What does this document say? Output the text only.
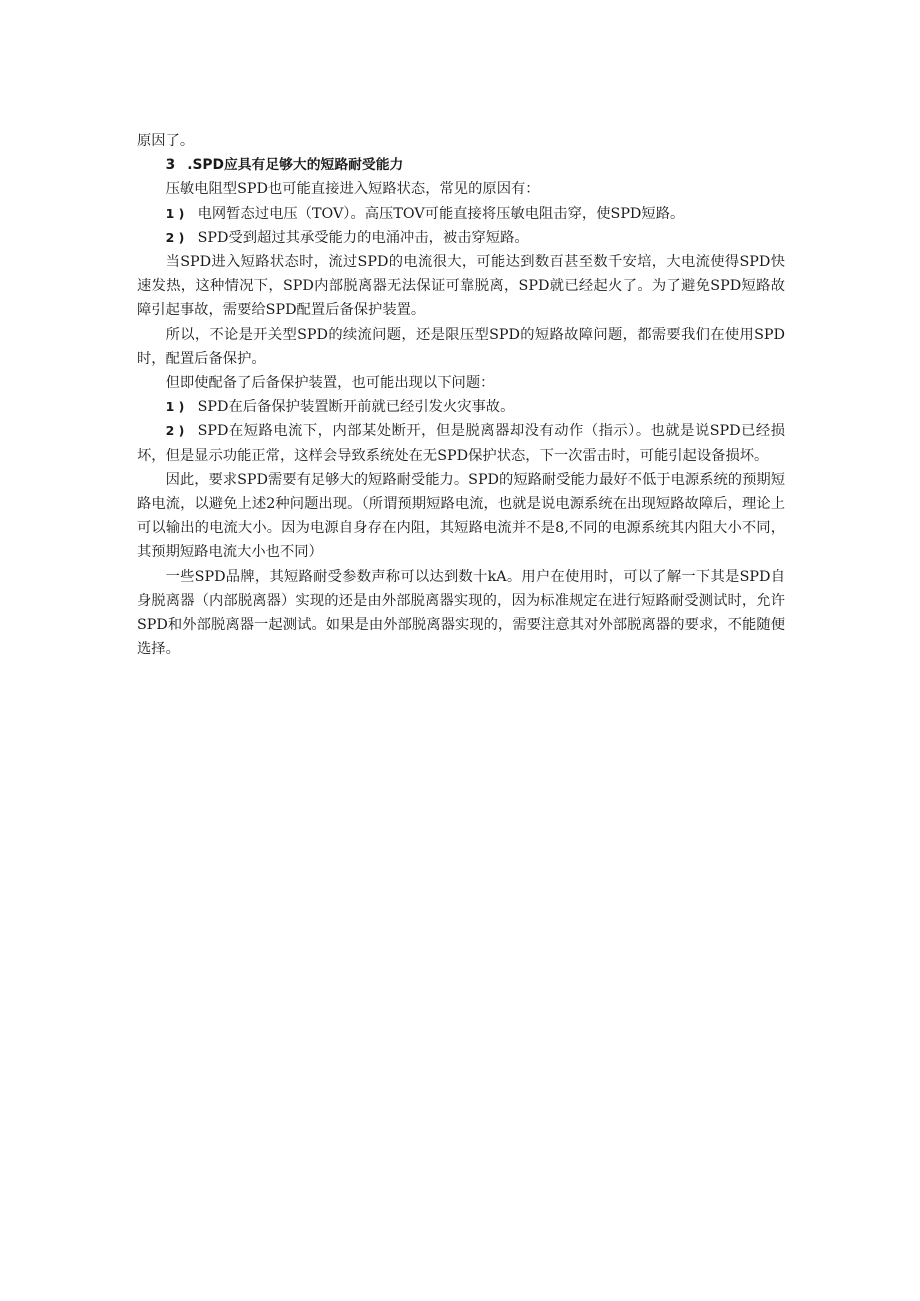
原因了。
3 .SPD应具有足够大的短路耐受能力

压敏电阻型SPD也可能直接进入短路状态，常见的原因有：

1 ) 电网暂态过电压（TOV）。高压TOV可能直接将压敏电阻击穿，使SPD短路。
2 ) SPD受到超过其承受能力的电涌冲击，被击穿短路。

当SPD进入短路状态时，流过SPD的电流很大，可能达到数百甚至数千安培，大电流使得SPD快速发热，这种情况下，SPD内部脱离器无法保证可靠脱离，SPD就已经起火了。为了避免SPD短路故障引起事故，需要给SPD配置后备保护装置。

所以，不论是开关型SPD的续流问题，还是限压型SPD的短路故障问题，都需要我们在使用SPD时，配置后备保护。

但即使配备了后备保护装置，也可能出现以下问题：

1 ) SPD在后备保护装置断开前就已经引发火灾事故。

2 ) SPD在短路电流下，内部某处断开，但是脱离器却没有动作（指示）。也就是说SPD已经损坏，但是显示功能正常，这样会导致系统处在无SPD保护状态，下一次雷击时，可能引起设备损坏。

因此，要求SPD需要有足够大的短路耐受能力。SPD的短路耐受能力最好不低于电源系统的预期短路电流，以避免上述2种问题出现。（所谓预期短路电流，也就是说电源系统在出现短路故障后，理论上可以输出的电流大小。因为电源自身存在内阻，其短路电流并不是8,不同的电源系统其内阻大小不同，其预期短路电流大小也不同）

一些SPD品牌，其短路耐受参数声称可以达到数十kA。用户在使用时，可以了解一下其是SPD自身脱离器（内部脱离器）实现的还是由外部脱离器实现的，因为标准规定在进行短路耐受测试时，允许SPD和外部脱离器一起测试。如果是由外部脱离器实现的，需要注意其对外部脱离器的要求，不能随便选择。
